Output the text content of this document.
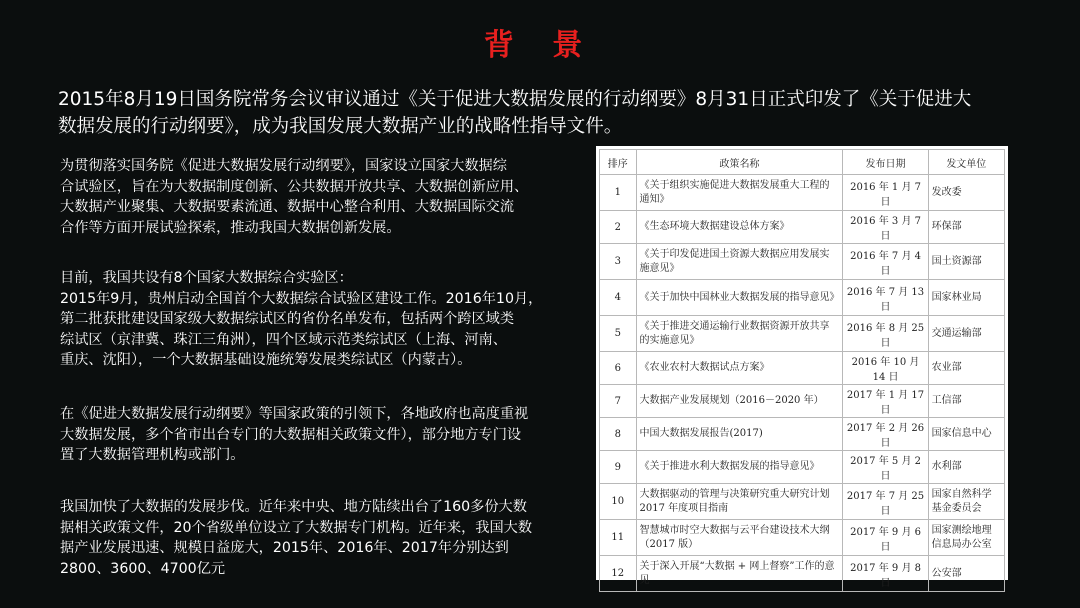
背 景
2015年8月19日国务院常务会议审议通过《关于促进大数据发展的行动纲要》8月31日正式印发了《关于促进大数据发展的行动纲要》，成为我国发展大数据产业的战略性指导文件。
为贯彻落实国务院《促进大数据发展行动纲要》，国家设立国家大数据综
合试验区，旨在为大数据制度创新、公共数据开放共享、大数据创新应用、
大数据产业聚集、大数据要素流通、数据中心整合利用、大数据国际交流
合作等方面开展试验探索，推动我国大数据创新发展。
目前，我国共设有8个国家大数据综合实验区：
2015年9月，贵州启动全国首个大数据综合试验区建设工作。2016年10月，
第二批获批建设国家级大数据综试区的省份名单发布，包括两个跨区域类
综试区（京津冀、珠江三角洲），四个区域示范类综试区（上海、河南、
重庆、沈阳），一个大数据基础设施统筹发展类综试区（内蒙古）。
在《促进大数据发展行动纲要》等国家政策的引领下，各地政府也高度重视
大数据发展，多个省市出台专门的大数据相关政策文件），部分地方专门设
置了大数据管理机构或部门。
我国加快了大数据的发展步伐。近年来中央、地方陆续出台了160多份大数
据相关政策文件，20个省级单位设立了大数据专门机构。近年来，我国大数
据产业发展迅速、规模日益庞大，2015年、2016年、2017年分别达到
2800、3600、4700亿元
排序	政策名称	发布日期	发文单位
1	《关于组织实施促进大数据发展重大工程的通知》	2016 年 1 月 7 日	发改委
2	《生态环境大数据建设总体方案》	2016 年 3 月 7 日	环保部
3	《关于印发促进国土资源大数据应用发展实施意见》	2016 年 7 月 4 日	国土资源部
4	《关于加快中国林业大数据发展的指导意见》	2016 年 7 月 13 日	国家林业局
5	《关于推进交通运输行业数据资源开放共享的实施意见》	2016 年 8 月 25 日	交通运输部
6	《农业农村大数据试点方案》	2016 年 10 月 14 日	农业部
7	大数据产业发展规划（2016－2020 年）	2017 年 1 月 17 日	工信部
8	中国大数据发展报告(2017)	2017 年 2 月 26 日	国家信息中心
9	《关于推进水利大数据发展的指导意见》	2017 年 5 月 2 日	水利部
10	大数据驱动的管理与决策研究重大研究计划 2017 年度项目指南	2017 年 7 月 25 日	国家自然科学基金委员会
11	智慧城市时空大数据与云平台建设技术大纲（2017 版）	2017 年 9 月 6 日	国家测绘地理信息局办公室
12	关于深入开展“大数据 + 网上督察”工作的意见	2017 年 9 月 8 日	公安部
